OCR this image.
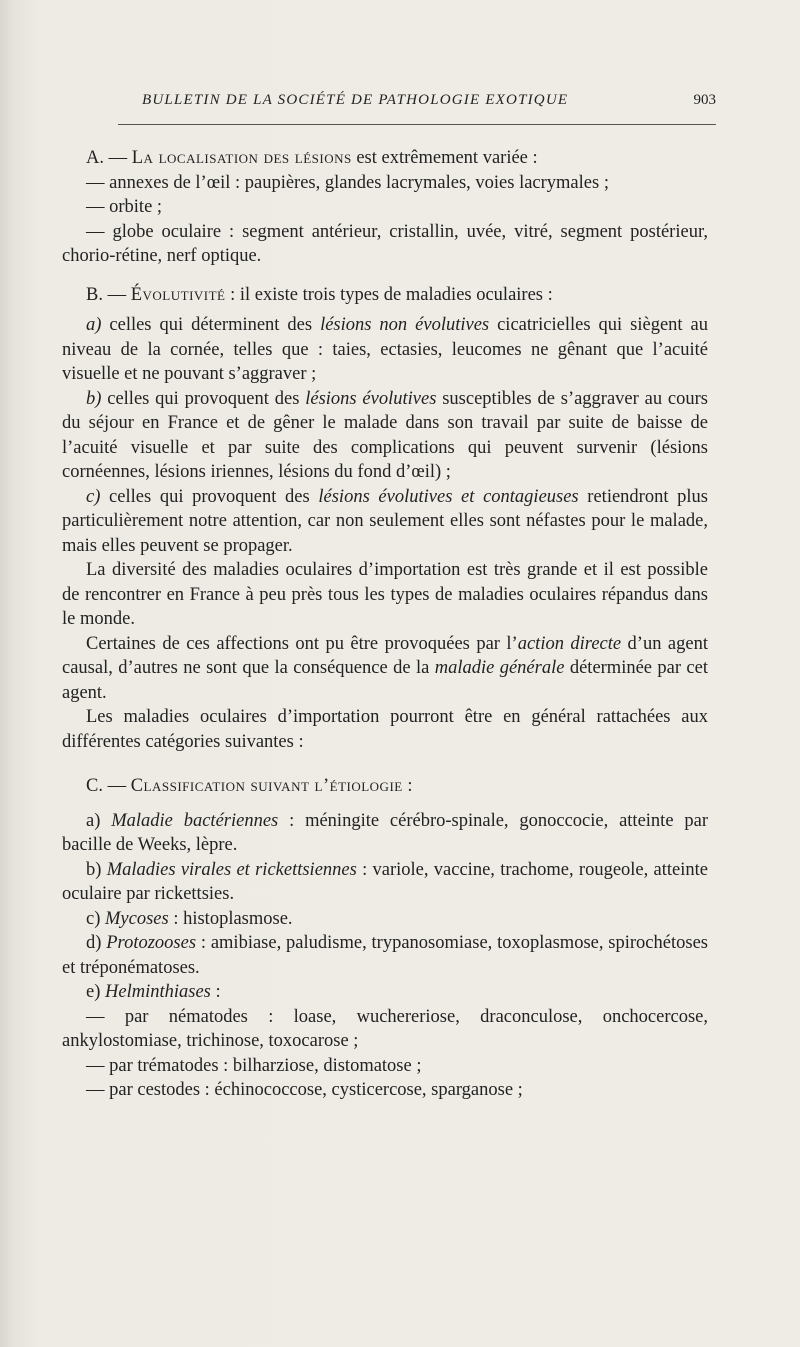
BULLETIN DE LA SOCIÉTÉ DE PATHOLOGIE EXOTIQUE	903

A. — La localisation des lésions est extrêmement variée :

— annexes de l’œil : paupières, glandes lacrymales, voies lacrymales ;

— orbite ;

— globe oculaire : segment antérieur, cristallin, uvée, vitré, segment postérieur, chorio-rétine, nerf optique.

B. — Évolutivité : il existe trois types de maladies oculaires :

a) celles qui déterminent des lésions non évolutives cicatricielles qui siègent au niveau de la cornée, telles que : taies, ectasies, leucomes ne gênant que l’acuité visuelle et ne pouvant s’aggraver ;

b) celles qui provoquent des lésions évolutives susceptibles de s’aggraver au cours du séjour en France et de gêner le malade dans son travail par suite de baisse de l’acuité visuelle et par suite des complications qui peuvent survenir (lésions cornéennes, lésions iriennes, lésions du fond d’œil) ;

c) celles qui provoquent des lésions évolutives et contagieuses retiendront plus particulièrement notre attention, car non seulement elles sont néfastes pour le malade, mais elles peuvent se propager.

La diversité des maladies oculaires d’importation est très grande et il est possible de rencontrer en France à peu près tous les types de maladies oculaires répandus dans le monde.

Certaines de ces affections ont pu être provoquées par l’action directe d’un agent causal, d’autres ne sont que la conséquence de la maladie générale déterminée par cet agent.

Les maladies oculaires d’importation pourront être en général rattachées aux différentes catégories suivantes :

C. — Classification suivant l’étiologie :

a) Maladie bactériennes : méningite cérébro-spinale, gonoccocie, atteinte par bacille de Weeks, lèpre.

b) Maladies virales et rickettsiennes : variole, vaccine, trachome, rougeole, atteinte oculaire par rickettsies.

c) Mycoses : histoplasmose.

d) Protozooses : amibiase, paludisme, trypanosomiase, toxoplasmose, spirochétoses et tréponématoses.

e) Helminthiases :

— par nématodes : loase, wuchereriose, draconculose, onchocercose, ankylostomiase, trichinose, toxocarose ;

— par trématodes : bilharziose, distomatose ;

— par cestodes : échinococcose, cysticercose, sparganose ;
